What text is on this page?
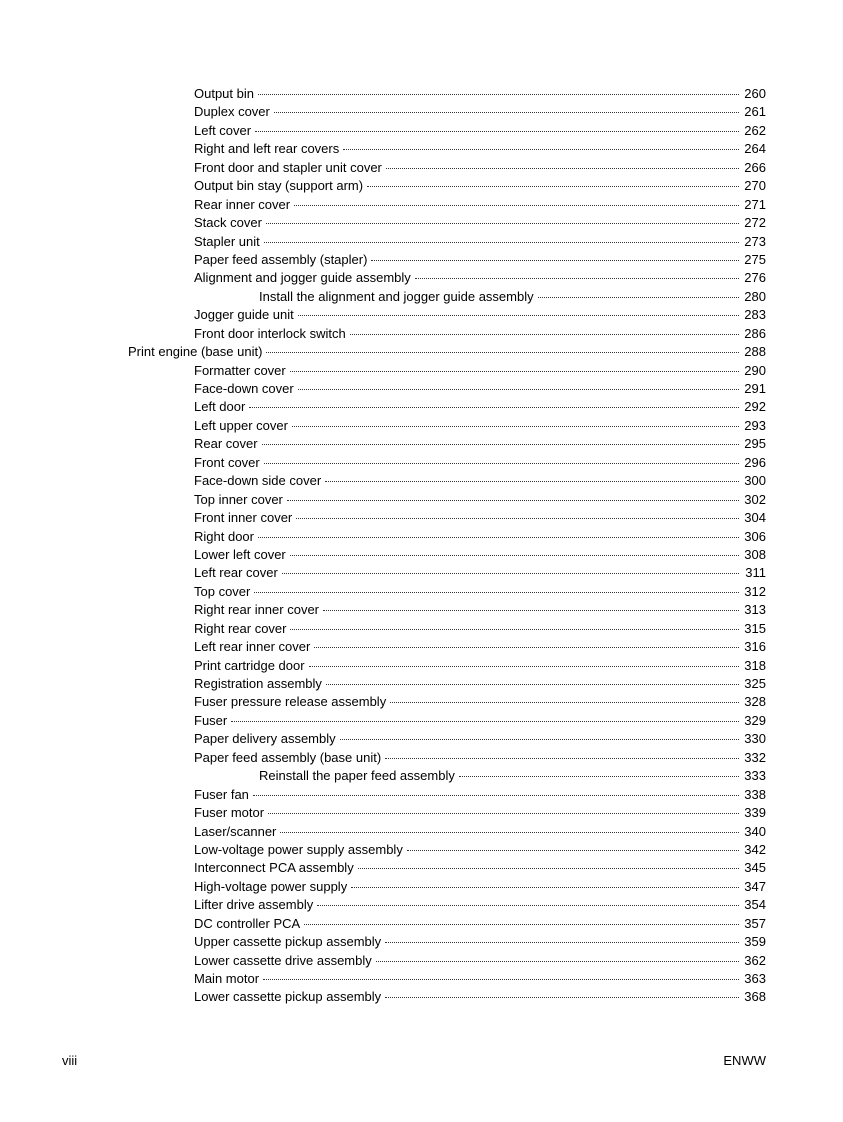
Output bin	260
Duplex cover	261
Left cover	262
Right and left rear covers	264
Front door and stapler unit cover	266
Output bin stay (support arm)	270
Rear inner cover	271
Stack cover	272
Stapler unit	273
Paper feed assembly (stapler)	275
Alignment and jogger guide assembly	276
Install the alignment and jogger guide assembly	280
Jogger guide unit	283
Front door interlock switch	286
Print engine (base unit)	288
Formatter cover	290
Face-down cover	291
Left door	292
Left upper cover	293
Rear cover	295
Front cover	296
Face-down side cover	300
Top inner cover	302
Front inner cover	304
Right door	306
Lower left cover	308
Left rear cover	311
Top cover	312
Right rear inner cover	313
Right rear cover	315
Left rear inner cover	316
Print cartridge door	318
Registration assembly	325
Fuser pressure release assembly	328
Fuser	329
Paper delivery assembly	330
Paper feed assembly (base unit)	332
Reinstall the paper feed assembly	333
Fuser fan	338
Fuser motor	339
Laser/scanner	340
Low-voltage power supply assembly	342
Interconnect PCA assembly	345
High-voltage power supply	347
Lifter drive assembly	354
DC controller PCA	357
Upper cassette pickup assembly	359
Lower cassette drive assembly	362
Main motor	363
Lower cassette pickup assembly	368
viii	ENWW
